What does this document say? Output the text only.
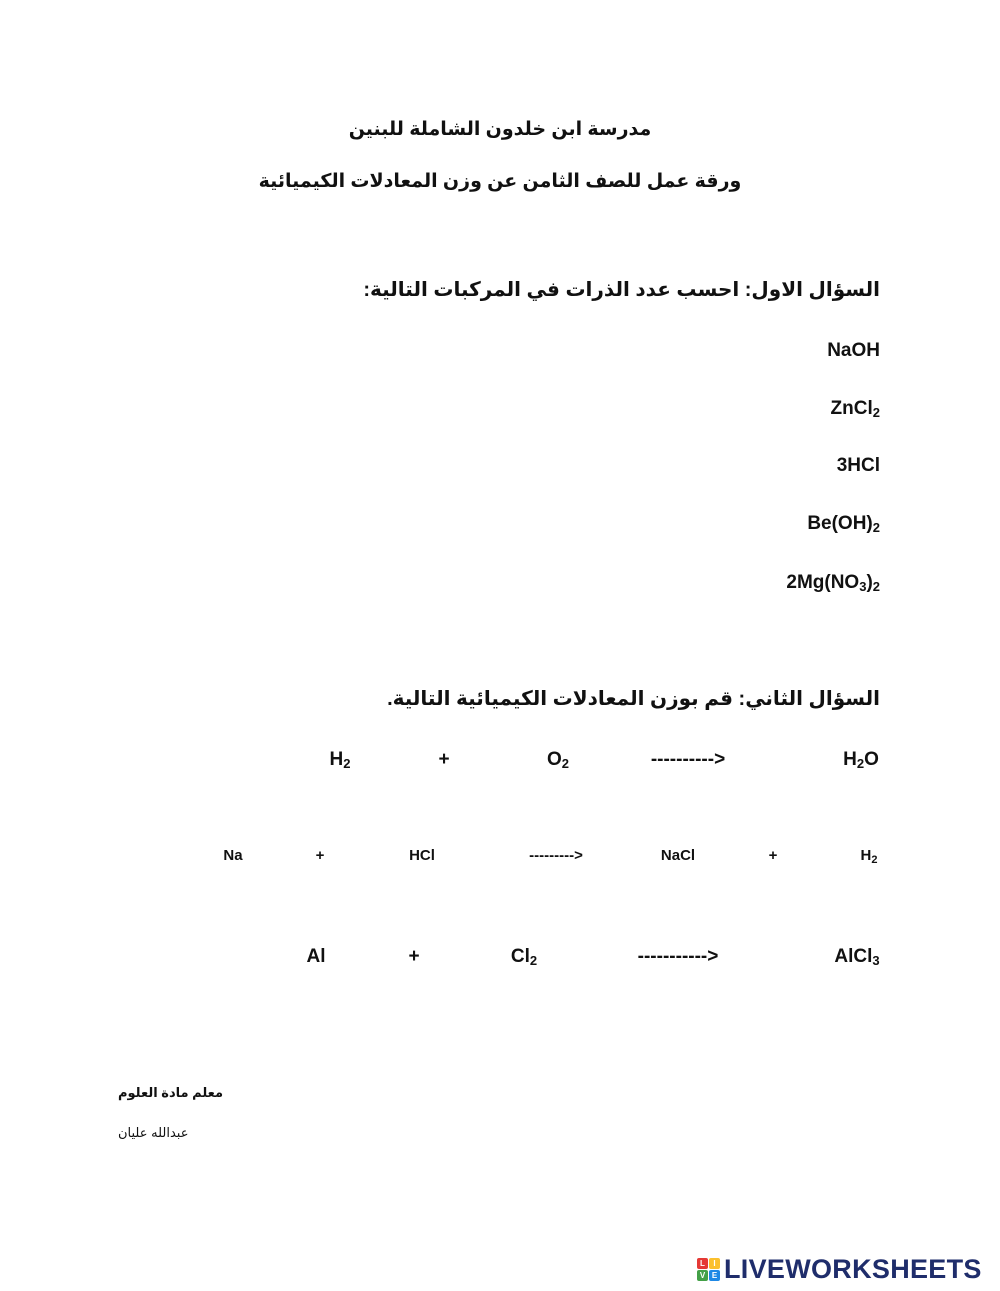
مدرسة ابن خلدون الشاملة للبنين
ورقة عمل للصف الثامن عن وزن المعادلات الكيميائية
السؤال الاول: احسب عدد الذرات في المركبات التالية:
NaOH
ZnCl$_2$
3HCl
$Be(OH)_2$
$2Mg(NO_3)_2$
السؤال الثاني: قم بوزن المعادلات الكيميائية التالية.
$H_2$	+	$O_2$	---------->	$H_2O$
Na	+	HCl	--------->	NaCl	+	$H_2$
Al	+	$Cl_2$	----------->	AlCl$_3$
معلم مادة العلوم
عبدالله عليان
L	I
V E LIVEWORKSHEETS
